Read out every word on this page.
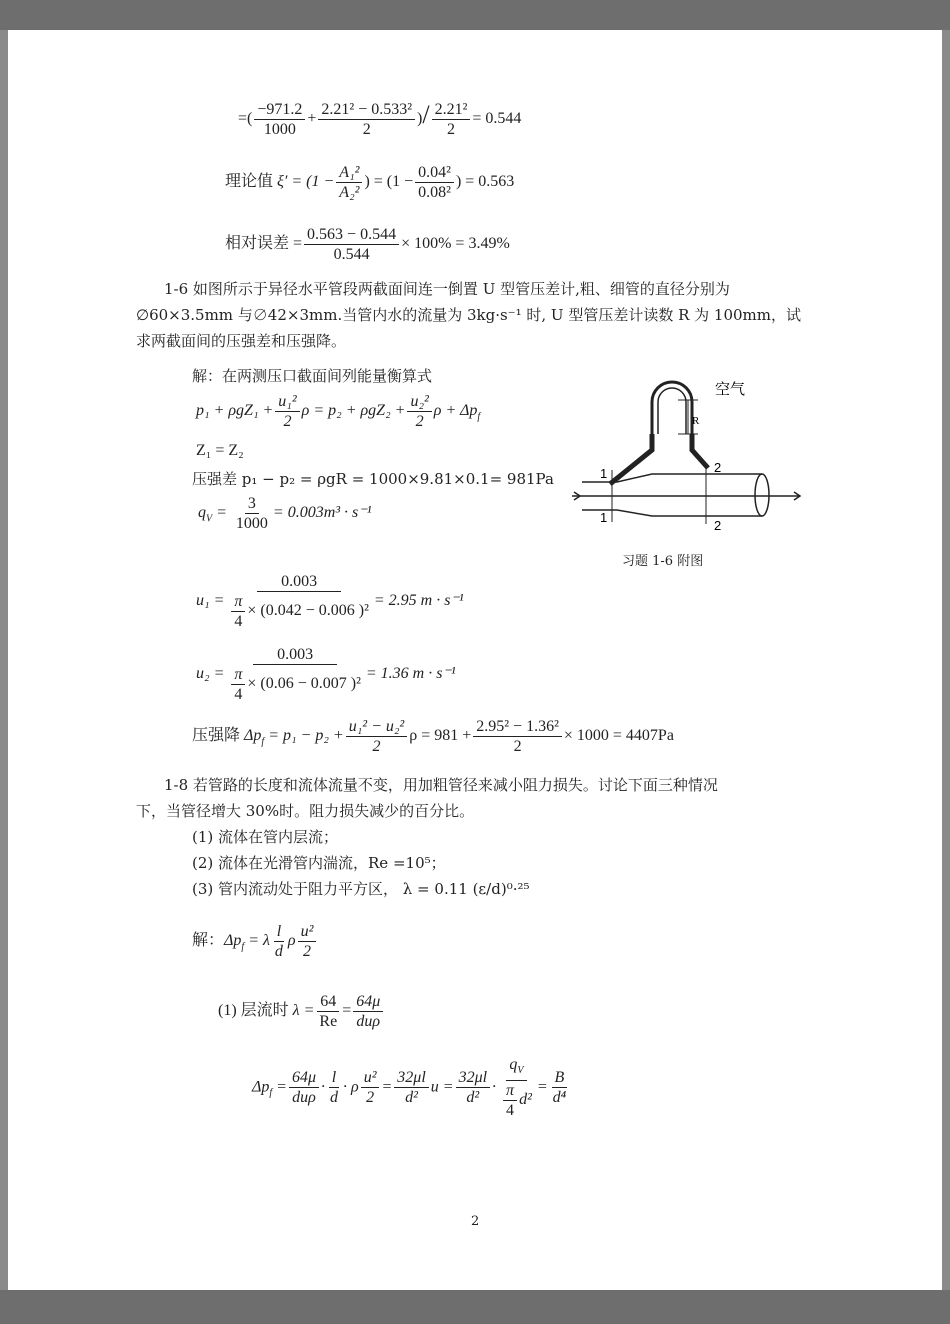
=( $\frac{-971.2}{1000} + \frac{\text{2.21² − 0.533²}}{2}$ )/ $\frac{\text{2.21²}}{2} = 0.544$
理论值 $\xi' = (1 - \frac{\text{A₁²}}{\text{A₂²}}$ ) = ($1 - \frac{\text{0.04²}}{\text{0.08²}}$ ) = 0.563
相对误差 = $\frac{0.563 - 0.544}{0.544} \times 100\% = 3.49\%$
1-6 如图所示于异径水平管段两截面间连一倒置 U 型管压差计,粗、细管的直径分别为
∅60×3.5mm 与∅42×3mm.当管内水的流量为 3kg·s⁻¹ 时, U 型管压差计读数 R 为 100mm，试
求两截面间的压强差和压强降。
解：在两测压口截面间列能量衡算式
$p_1 + \rho gZ_1 + \frac{\text{u₁²}}{2}$ $\rho = p_2 + \rho gZ_2 + \frac{\text{u₂²}}{2}$ $\rho + \Delta p_f$
Z₁ = Z₂
压强差 p₁ − p₂ = ρgR = 1000×9.81×0.1= 981Pa
$q_V = \frac{3}{1000} = 0.003m^3 \cdot s^{-1}$
空气
R
1
1
2
2
习题 1-6 附图
$u_1 = \frac{0.003}{\frac{\pi}{4} \times (0.042 - 0.006 )^2} = 2.95$ m · s⁻¹
$u_2 = \frac{0.003}{\frac{\pi}{4} \times (0.06 - 0.007 )^2} = 1.36$ m · s⁻¹
压强降 $\Delta p_f = p_1 - p_2 + \frac{\text{u₁² − u₂²}}{2}$ $\rho = 981 + \frac{\text{2.95² − 1.36²}}{2} \times 1000 = 4407Pa$
1-8 若管路的长度和流体流量不变，用加粗管径来减小阻力损失。讨论下面三种情况
下，当管径增大 30%时。阻力损失减少的百分比。
(1) 流体在管内层流；
(2) 流体在光滑管内湍流，Re =10⁵；
(3) 管内流动处于阻力平方区， λ = 0.11 (ε/d)⁰·²⁵
解：$\Delta p_f = \lambda \frac{l}{d}$ ρ $\frac{\text{u²}}{2}$
(1) 层流时 $\lambda = \frac{64}{Re} = \frac{64\mu}{\text{duρ}}$
$\Delta p_f = \frac{64\mu}{\text{duρ}} \cdot \frac{l}{d} \cdot \rho \frac{\text{u²}}{2} = \frac{32\mu l}{\text{d²}}$ $u = \frac{32\mu l}{\text{d²}} \cdot \frac{q_V}{\frac{\pi}{4} d^2} = \frac{B}{\text{d⁴}}$
2
